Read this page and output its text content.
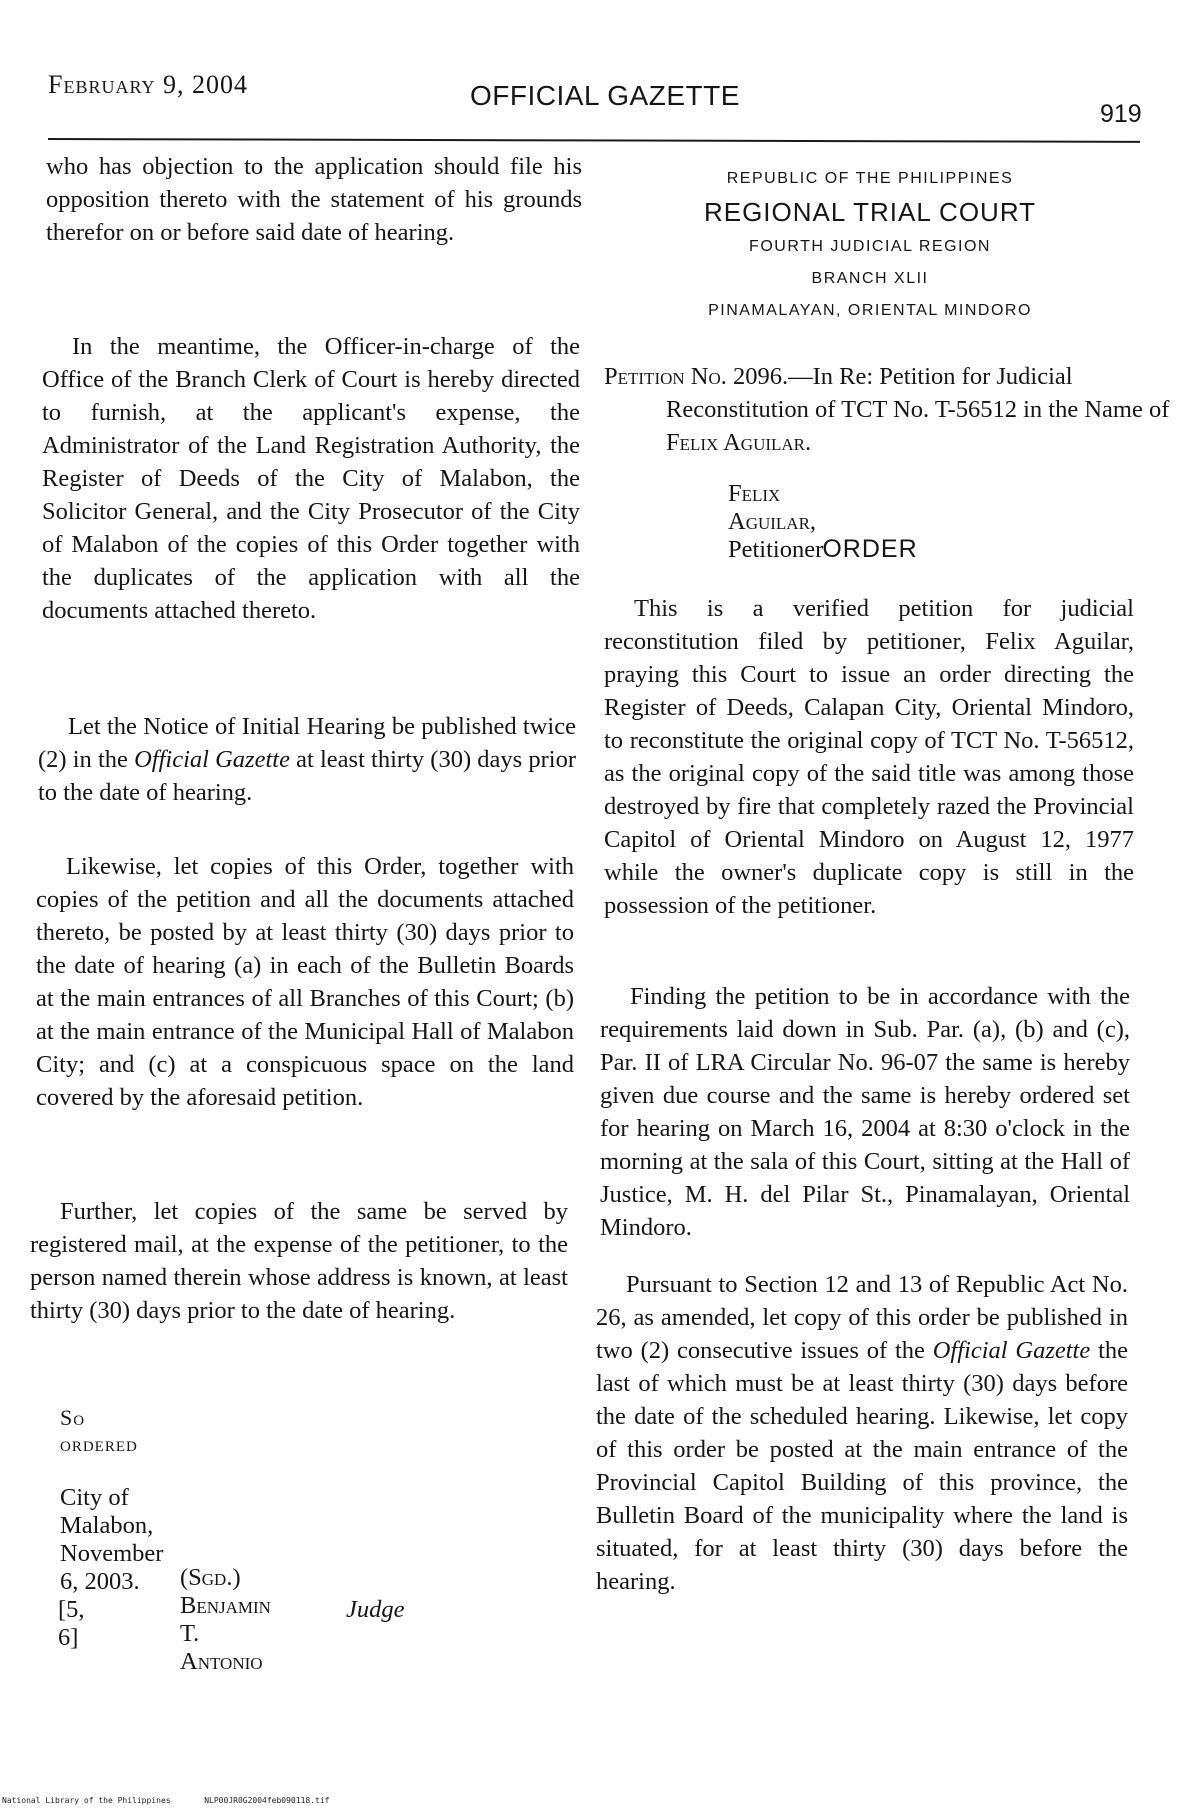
February 9, 2004	OFFICIAL GAZETTE
919

who has objection to the application should file his opposition thereto with the statement of his grounds therefor on or before said date of hearing.

In the meantime, the Officer-in-charge of the Office of the Branch Clerk of Court is hereby directed to furnish, at the applicant's expense, the Administrator of the Land Registration Authority, the Register of Deeds of the City of Malabon, the Solicitor General, and the City Prosecutor of the City of Malabon of the copies of this Order together with the duplicates of the application with all the documents attached thereto.

Let the Notice of Initial Hearing be published twice (2) in the Official Gazette at least thirty (30) days prior to the date of hearing.

Likewise, let copies of this Order, together with copies of the petition and all the documents attached thereto, be posted by at least thirty (30) days prior to the date of hearing (a) in each of the Bulletin Boards at the main entrances of all Branches of this Court; (b) at the main entrance of the Municipal Hall of Malabon City; and (c) at a conspicuous space on the land covered by the aforesaid petition.

Further, let copies of the same be served by registered mail, at the expense of the petitioner, to the person named therein whose address is known, at least thirty (30) days prior to the date of hearing.

So ordered
City of Malabon, November 6, 2003.	(Sgd.) Benjamin T. Antonio
Judge
[5, 6]
REPUBLIC OF THE PHILIPPINES
REGIONAL TRIAL COURT
FOURTH JUDICIAL REGION
BRANCH XLII
PINAMALAYAN, ORIENTAL MINDORO

Petition No. 2096.—In Re: Petition for Judicial Reconstitution of TCT No. T-56512 in the Name of Felix Aguilar.

Felix Aguilar, Petitioner ORDER

This is a verified petition for judicial reconstitution filed by petitioner, Felix Aguilar, praying this Court to issue an order directing the Register of Deeds, Calapan City, Oriental Mindoro, to reconstitute the original copy of TCT No. T-56512, as the original copy of the said title was among those destroyed by fire that completely razed the Provincial Capitol of Oriental Mindoro on August 12, 1977 while the owner's duplicate copy is still in the possession of the petitioner.

Finding the petition to be in accordance with the requirements laid down in Sub. Par. (a), (b) and (c), Par. II of LRA Circular No. 96-07 the same is hereby given due course and the same is hereby ordered set for hearing on March 16, 2004 at 8:30 o'clock in the morning at the sala of this Court, sitting at the Hall of Justice, M. H. del Pilar St., Pinamalayan, Oriental Mindoro.

Pursuant to Section 12 and 13 of Republic Act No. 26, as amended, let copy of this order be published in two (2) consecutive issues of the Official Gazette the last of which must be at least thirty (30) days before the date of the scheduled hearing. Likewise, let copy of this order be posted at the main entrance of the Provincial Capitol Building of this province, the Bulletin Board of the municipality where the land is situated, for at least thirty (30) days before the hearing.

National Library of the Philippines	NLP00JR0G2004feb090118.tif
